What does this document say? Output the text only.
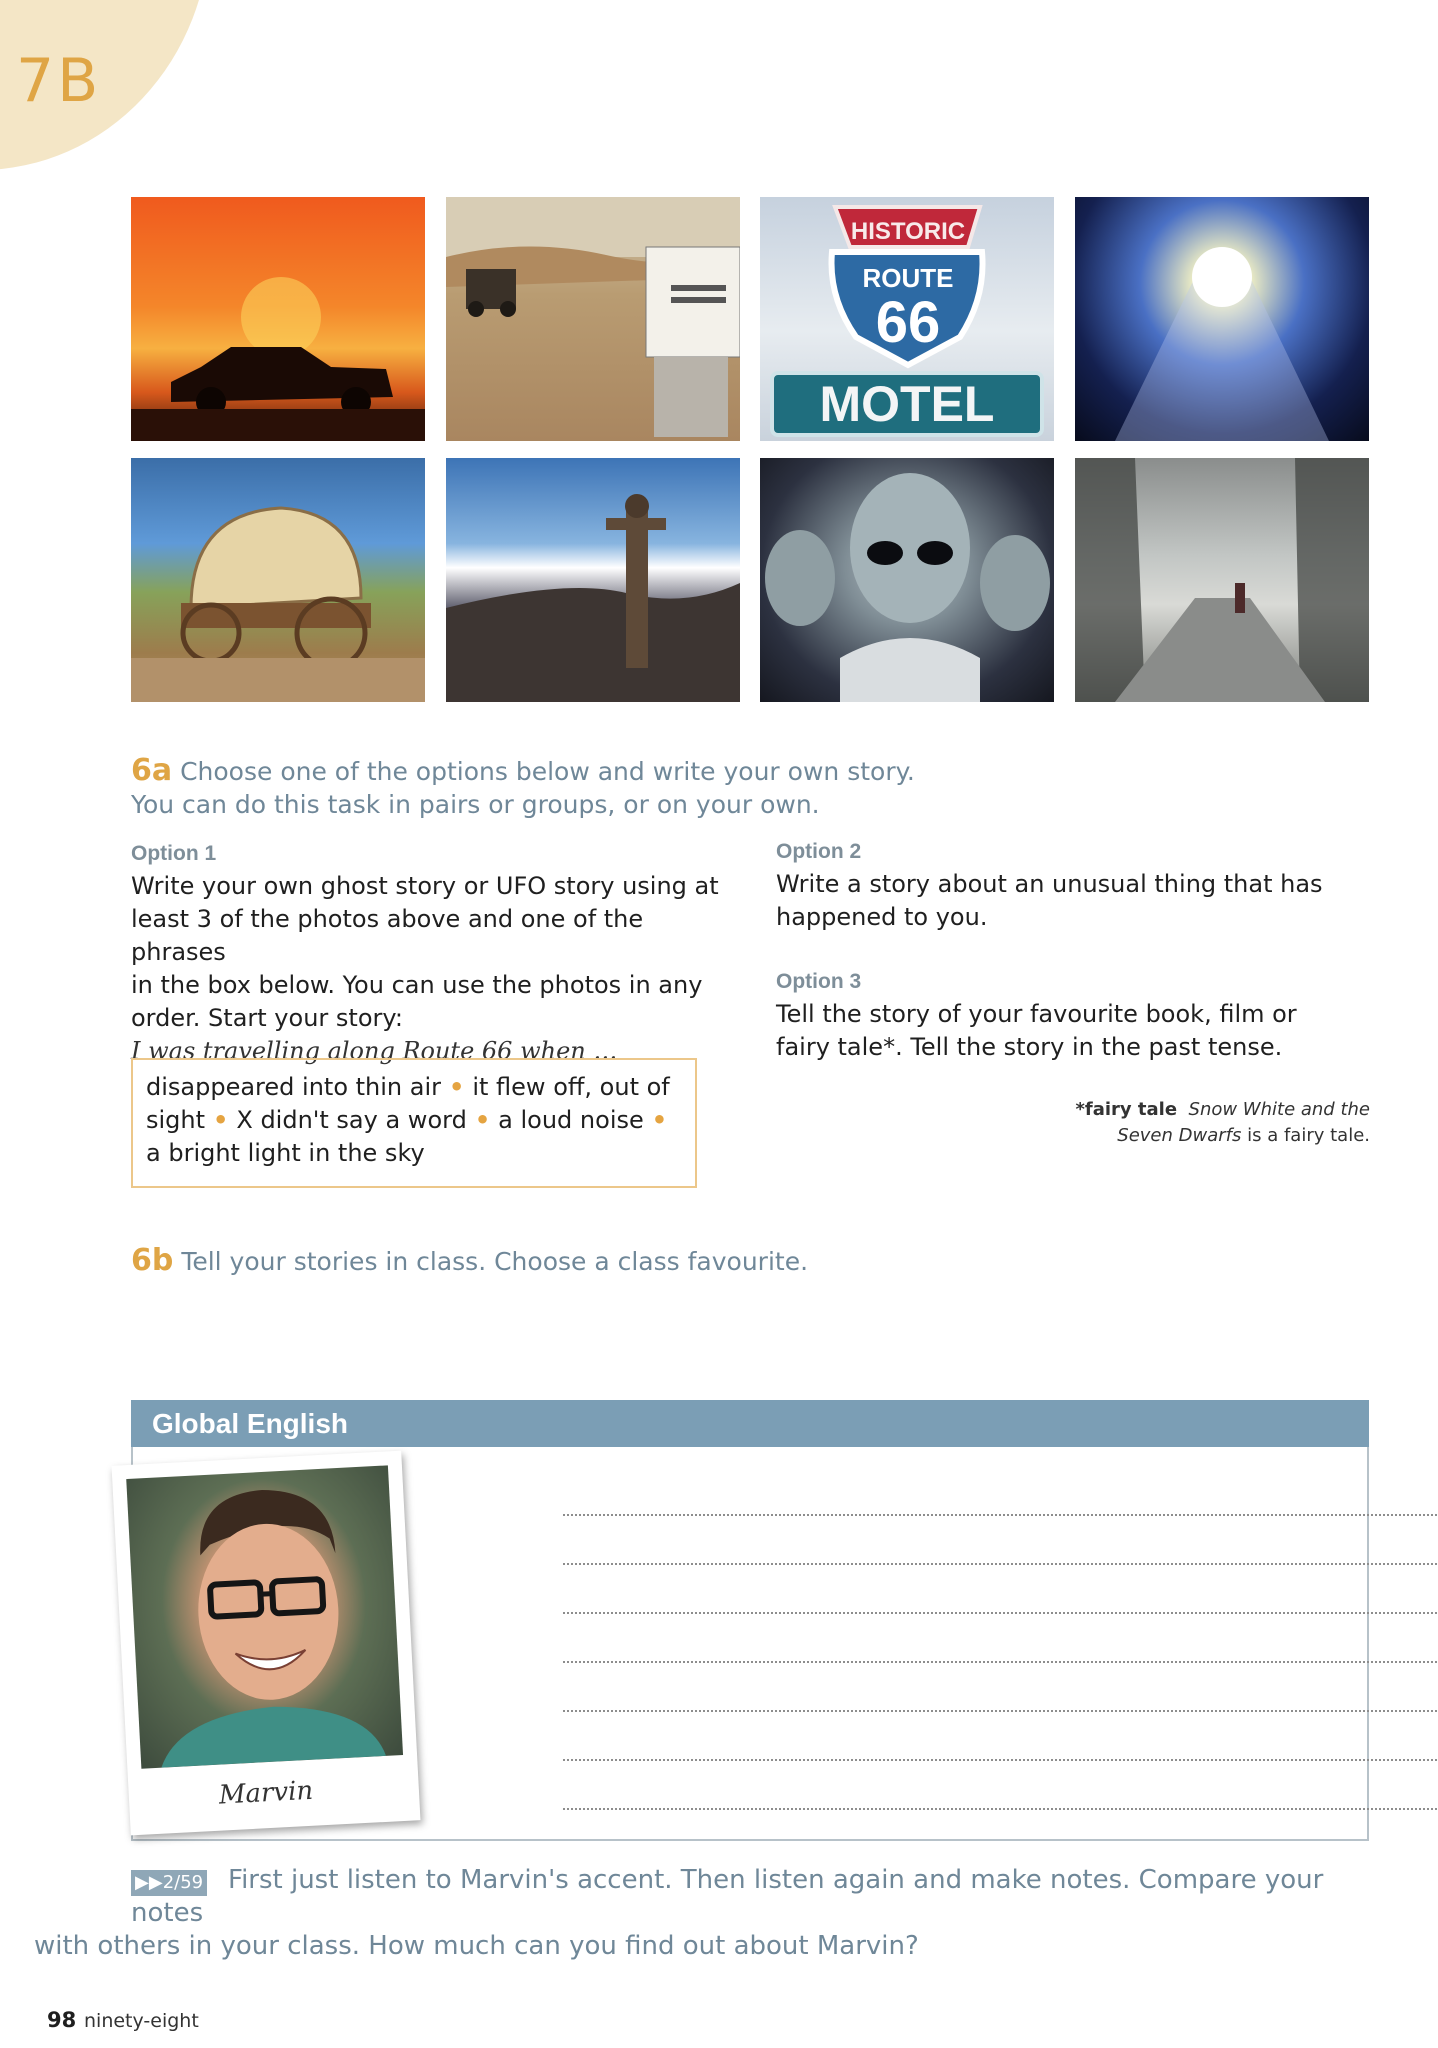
7B
HISTORIC
ROUTE
66
MOTEL
6a Choose one of the options below and write your own story.
You can do this task in pairs or groups, or on your own.
Option 1
Write your own ghost story or UFO story using at
least 3 of the photos above and one of the phrases
in the box below. You can use the photos in any
order. Start your story:
I was travelling along Route 66 when …
disappeared into thin air • it flew off, out of
sight • X didn't say a word • a loud noise •
a bright light in the sky
Option 2
Write a story about an unusual thing that has
happened to you.
Option 3
Tell the story of your favourite book, film or
fairy tale*. Tell the story in the past tense.
*fairy tale Snow White and the
Seven Dwarfs is a fairy tale.
6b Tell your stories in class. Choose a class favourite.
Global English
Marvin
▶▶2/59 First just listen to Marvin's accent. Then listen again and make notes. Compare your notes
with others in your class. How much can you find out about Marvin?
98 ninety-eight
